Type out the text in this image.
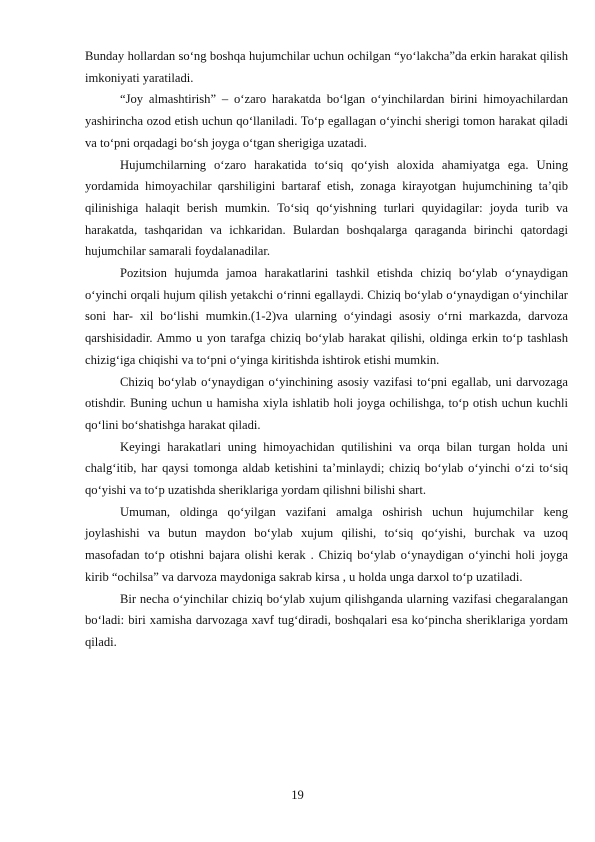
Bunday hollardan so‘ng boshqa hujumchilar uchun ochilgan “yo‘lakcha”da erkin harakat qilish imkoniyati yaratiladi.

“Joy almashtirish” – o‘zaro harakatda bo‘lgan o‘yinchilardan birini himoyachilardan yashirincha ozod etish uchun qo‘llaniladi. To‘p egallagan o‘yinchi sherigi tomon harakat qiladi va to‘pni orqadagi bo‘sh joyga o‘tgan sherigiga uzatadi.

Hujumchilarning o‘zaro harakatida to‘siq qo‘yish aloxida ahamiyatga ega. Uning yordamida himoyachilar qarshiligini bartaraf etish, zonaga kirayotgan hujumchining ta’qib qilinishiga halaqit berish mumkin. To‘siq qo‘yishning turlari quyidagilar: joyda turib va harakatda, tashqaridan va ichkaridan. Bulardan boshqalarga qaraganda birinchi qatordagi hujumchilar samarali foydalanadilar.

Pozitsion hujumda jamoa harakatlarini tashkil etishda chiziq bo‘ylab o‘ynaydigan o‘yinchi orqali hujum qilish yetakchi o‘rinni egallaydi. Chiziq bo‘ylab o‘ynaydigan o‘yinchilar soni har- xil bo‘lishi mumkin.(1-2)va ularning o‘yindagi asosiy o‘rni markazda, darvoza qarshisidadir. Ammo u yon tarafga chiziq bo‘ylab harakat qilishi, oldinga erkin to‘p tashlash chizig‘iga chiqishi va to‘pni o‘yinga kiritishda ishtirok etishi mumkin.

Chiziq bo‘ylab o‘ynaydigan o‘yinchining asosiy vazifasi to‘pni egallab, uni darvozaga otishdir. Buning uchun u hamisha xiyla ishlatib holi joyga ochilishga, to‘p otish uchun kuchli qo‘lini bo‘shatishga harakat qiladi.

Keyingi harakatlari uning himoyachidan qutilishini va orqa bilan turgan holda uni chalg‘itib, har qaysi tomonga aldab ketishini ta’minlaydi; chiziq bo‘ylab o‘yinchi o‘zi to‘siq qo‘yishi va to‘p uzatishda sheriklariga yordam qilishni bilishi shart.

Umuman, oldinga qo‘yilgan vazifani amalga oshirish uchun hujumchilar keng joylashishi va butun maydon bo‘ylab xujum qilishi, to‘siq qo‘yishi, burchak va uzoq masofadan to‘p otishni bajara olishi kerak . Chiziq bo‘ylab o‘ynaydigan o‘yinchi holi joyga kirib “ochilsa” va darvoza maydoniga sakrab kirsa , u holda unga darxol to‘p uzatiladi.

Bir necha o‘yinchilar chiziq bo‘ylab xujum qilishganda ularning vazifasi chegaralangan bo‘ladi: biri xamisha darvozaga xavf tug‘diradi, boshqalari esa ko‘pincha sheriklariga yordam qiladi.

19
